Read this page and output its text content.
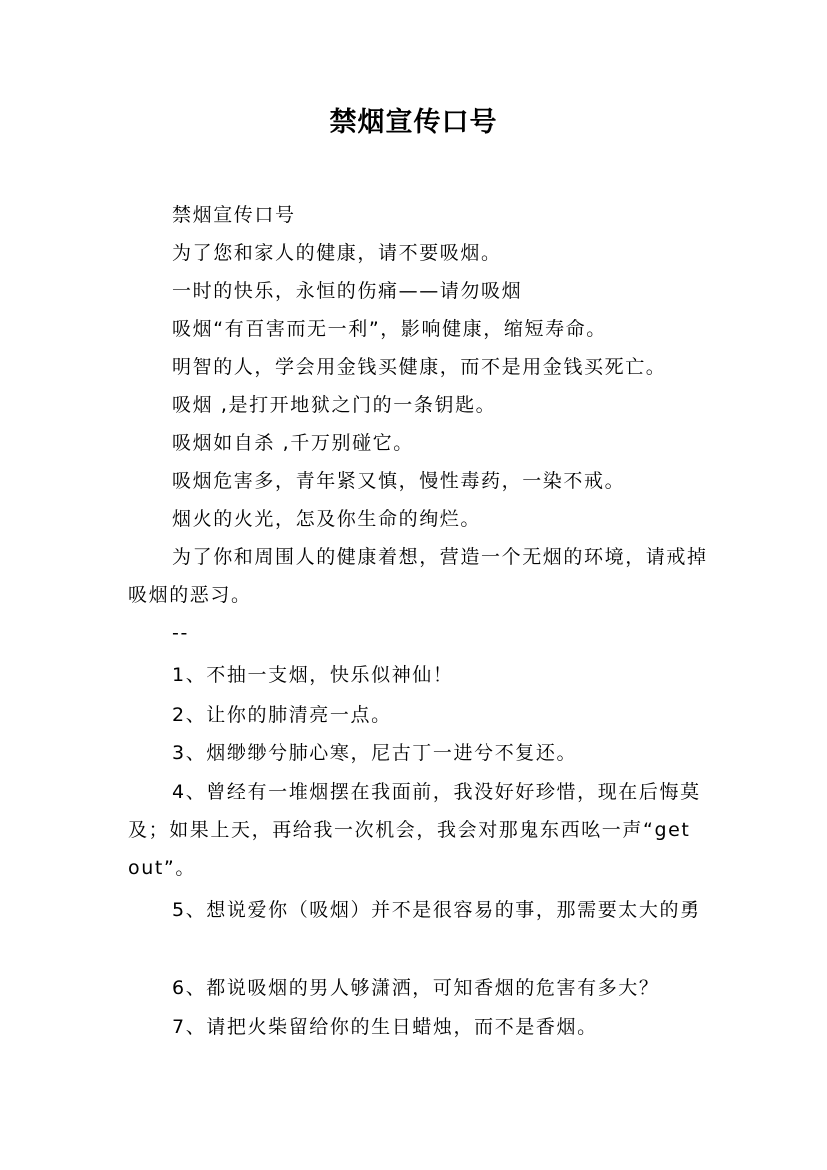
禁烟宣传口号

禁烟宣传口号

为了您和家人的健康，请不要吸烟。

一时的快乐，永恒的伤痛——请勿吸烟

吸烟“有百害而无一利”，影响健康，缩短寿命。

明智的人，学会用金钱买健康，而不是用金钱买死亡。

吸烟 ,是打开地狱之门的一条钥匙。

吸烟如自杀 ,千万别碰它。

吸烟危害多，青年紧又慎，慢性毒药，一染不戒。

烟火的火光，怎及你生命的绚烂。

为了你和周围人的健康着想，营造一个无烟的环境，请戒掉吸烟的恶习。

--

1、不抽一支烟，快乐似神仙！

2、让你的肺清亮一点。

3、烟缈缈兮肺心寒，尼古丁一进兮不复还。

4、曾经有一堆烟摆在我面前，我没好好珍惜，现在后悔莫及；如果上天，再给我一次机会，我会对那鬼东西吆一声“get out”。

5、想说爱你（吸烟）并不是很容易的事，那需要太大的勇

6、都说吸烟的男人够潇洒，可知香烟的危害有多大？

7、请把火柴留给你的生日蜡烛，而不是香烟。
